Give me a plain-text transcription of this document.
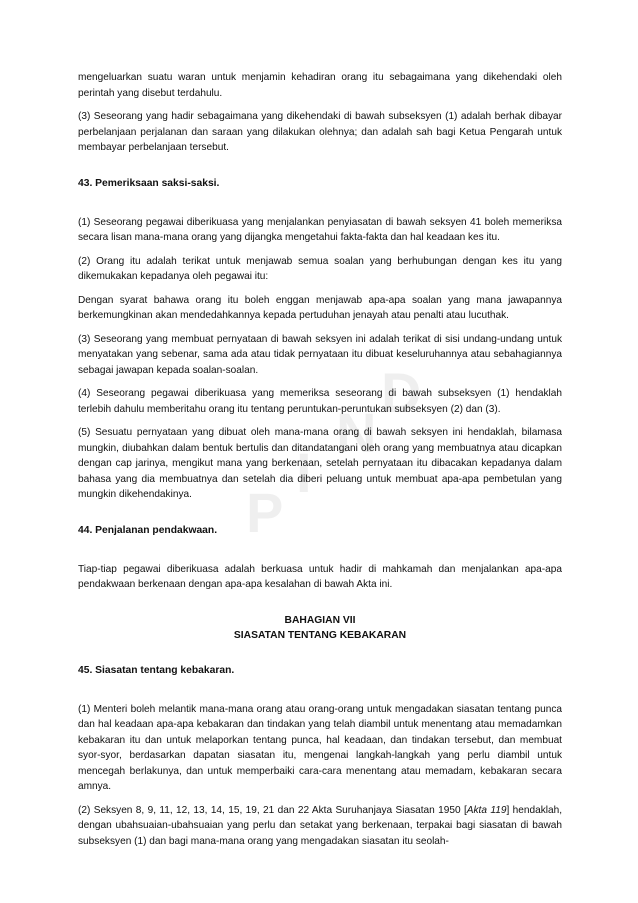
P
I
N
D

mengeluarkan suatu waran untuk menjamin kehadiran orang itu sebagaimana yang dikehendaki oleh perintah yang disebut terdahulu.

(3) Seseorang yang hadir sebagaimana yang dikehendaki di bawah subseksyen (1) adalah berhak dibayar perbelanjaan perjalanan dan saraan yang dilakukan olehnya; dan adalah sah bagi Ketua Pengarah untuk membayar perbelanjaan tersebut.

43. Pemeriksaan saksi-saksi.

(1) Seseorang pegawai diberikuasa yang menjalankan penyiasatan di bawah seksyen 41 boleh memeriksa secara lisan mana-mana orang yang dijangka mengetahui fakta-fakta dan hal keadaan kes itu.

(2) Orang itu adalah terikat untuk menjawab semua soalan yang berhubungan dengan kes itu yang dikemukakan kepadanya oleh pegawai itu:

Dengan syarat bahawa orang itu boleh enggan menjawab apa-apa soalan yang mana jawapannya berkemungkinan akan mendedahkannya kepada pertuduhan jenayah atau penalti atau lucuthak.

(3) Seseorang yang membuat pernyataan di bawah seksyen ini adalah terikat di sisi undang-undang untuk menyatakan yang sebenar, sama ada atau tidak pernyataan itu dibuat keseluruhannya atau sebahagiannya sebagai jawapan kepada soalan-soalan.

(4) Seseorang pegawai diberikuasa yang memeriksa seseorang di bawah subseksyen (1) hendaklah terlebih dahulu memberitahu orang itu tentang peruntukan-peruntukan subseksyen (2) dan (3).

(5) Sesuatu pernyataan yang dibuat oleh mana-mana orang di bawah seksyen ini hendaklah, bilamasa mungkin, diubahkan dalam bentuk bertulis dan ditandatangani oleh orang yang membuatnya atau dicapkan dengan cap jarinya, mengikut mana yang berkenaan, setelah pernyataan itu dibacakan kepadanya dalam bahasa yang dia membuatnya dan setelah dia diberi peluang untuk membuat apa-apa pembetulan yang mungkin dikehendakinya.

44. Penjalanan pendakwaan.

Tiap-tiap pegawai diberikuasa adalah berkuasa untuk hadir di mahkamah dan menjalankan apa-apa pendakwaan berkenaan dengan apa-apa kesalahan di bawah Akta ini.

BAHAGIAN VII
SIASATAN TENTANG KEBAKARAN
45. Siasatan tentang kebakaran.

(1) Menteri boleh melantik mana-mana orang atau orang-orang untuk mengadakan siasatan tentang punca dan hal keadaan apa-apa kebakaran dan tindakan yang telah diambil untuk menentang atau memadamkan kebakaran itu dan untuk melaporkan tentang punca, hal keadaan, dan tindakan tersebut, dan membuat syor-syor, berdasarkan dapatan siasatan itu, mengenai langkah-langkah yang perlu diambil untuk mencegah berlakunya, dan untuk memperbaiki cara-cara menentang atau memadam, kebakaran secara amnya.

(2) Seksyen 8, 9, 11, 12, 13, 14, 15, 19, 21 dan 22 Akta Suruhanjaya Siasatan 1950 [Akta 119] hendaklah, dengan ubahsuaian-ubahsuaian yang perlu dan setakat yang berkenaan, terpakai bagi siasatan di bawah subseksyen (1) dan bagi mana-mana orang yang mengadakan siasatan itu seolah-
